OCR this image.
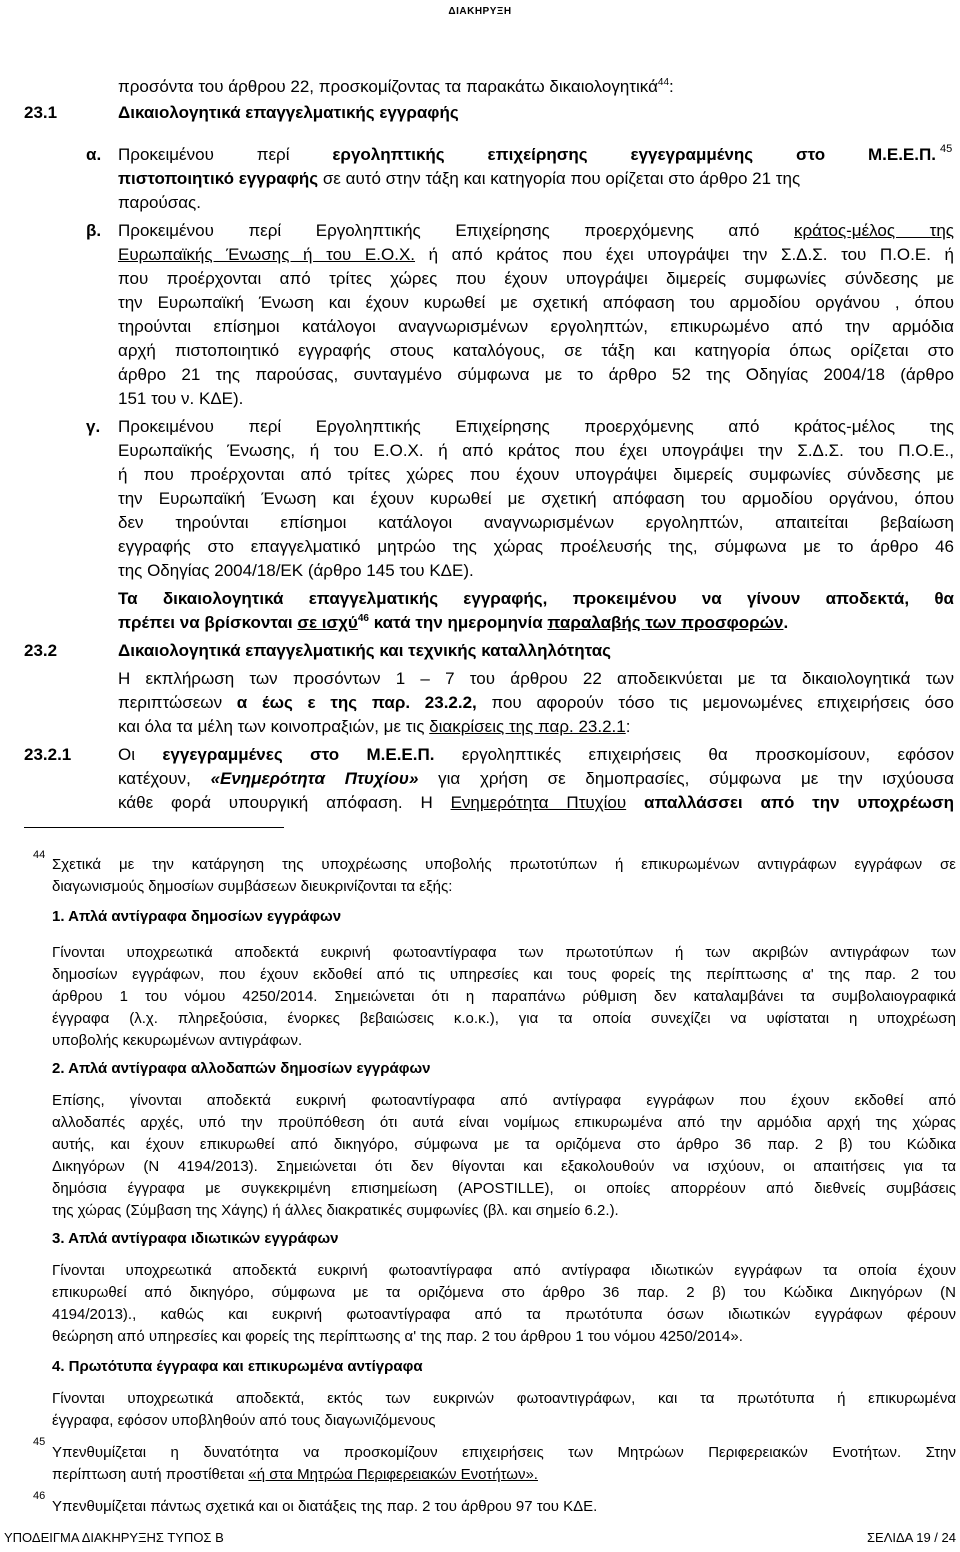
ΔΙΑΚΗΡΥΞΗ
προσόντα του άρθρου 22, προσκομίζοντας τα παρακάτω δικαιολογητικά$^{44}$:
23.1	Δικαιολογητικά επαγγελματικής εγγραφής
α. Προκειμένου περί εργοληπτικής επιχείρησης εγγεγραμμένης στο Μ.Ε.Ε.Π. 45
πιστοποιητικό εγγραφής σε αυτό στην τάξη και κατηγορία που ορίζεται στο άρθρο 21 της
παρούσας.
β. Προκειμένου περί Εργοληπτικής Επιχείρησης προερχόμενης από κράτος-μέλος της
Ευρωπαϊκής Ένωσης ή του Ε.Ο.Χ. ή από κράτος που έχει υπογράψει την Σ.Δ.Σ. του Π.Ο.Ε. ή
που προέρχονται από τρίτες χώρες που έχουν υπογράψει διμερείς συμφωνίες σύνδεσης με
την Ευρωπαϊκή Ένωση και έχουν κυρωθεί με σχετική απόφαση του αρμοδίου οργάνου , όπου
τηρούνται επίσημοι κατάλογοι αναγνωρισμένων εργοληπτών, επικυρωμένο από την αρμόδια
αρχή πιστοποιητικό εγγραφής στους καταλόγους, σε τάξη και κατηγορία όπως ορίζεται στο
άρθρο 21 της παρούσας, συνταγμένο σύμφωνα με το άρθρο 52 της Οδηγίας 2004/18 (άρθρο
151 του ν. ΚΔΕ).
γ. Προκειμένου περί Εργοληπτικής Επιχείρησης προερχόμενης από κράτος-μέλος της
Ευρωπαϊκής Ένωσης, ή του Ε.Ο.Χ. ή από κράτος που έχει υπογράψει την Σ.Δ.Σ. του Π.Ο.Ε.,
ή που προέρχονται από τρίτες χώρες που έχουν υπογράψει διμερείς συμφωνίες σύνδεσης με
την Ευρωπαϊκή Ένωση και έχουν κυρωθεί με σχετική απόφαση του αρμοδίου οργάνου, όπου
δεν τηρούνται επίσημοι κατάλογοι αναγνωρισμένων εργοληπτών, απαιτείται βεβαίωση
εγγραφής στο επαγγελματικό μητρώο της χώρας προέλευσής της, σύμφωνα με το άρθρο 46
της Οδηγίας 2004/18/ΕΚ (άρθρο 145 του ΚΔΕ).
Τα δικαιολογητικά επαγγελματικής εγγραφής, προκειμένου να γίνουν αποδεκτά, θα
πρέπει να βρίσκονται σε ισχύ$^{46}$ κατά την ημερομηνία παραλαβής των προσφορών.
23.2	Δικαιολογητικά επαγγελματικής και τεχνικής καταλληλότητας
Η εκπλήρωση των προσόντων 1 – 7 του άρθρου 22 αποδεικνύεται με τα δικαιολογητικά των
περιπτώσεων α έως ε της παρ. 23.2.2, που αφορούν τόσο τις μεμονωμένες επιχειρήσεις όσο
και όλα τα μέλη των κοινοπραξιών, με τις διακρίσεις της παρ. 23.2.1:
23.2.1	Οι εγγεγραμμένες στο Μ.Ε.Ε.Π. εργοληπτικές επιχειρήσεις θα προσκομίσουν, εφόσον
κατέχουν, «Ενημερότητα Πτυχίου» για χρήση σε δημοπρασίες, σύμφωνα με την ισχύουσα
κάθε φορά υπουργική απόφαση. Η Ενημερότητα Πτυχίου απαλλάσσει από την υποχρέωση
44
Σχετικά με την κατάργηση της υποχρέωσης υποβολής πρωτοτύπων ή επικυρωμένων αντιγράφων εγγράφων σε
διαγωνισμούς δημοσίων συμβάσεων διευκρινίζονται τα εξής:
1. Απλά αντίγραφα δημοσίων εγγράφων
Γίνονται υποχρεωτικά αποδεκτά ευκρινή φωτοαντίγραφα των πρωτοτύπων ή των ακριβών αντιγράφων των
δημοσίων εγγράφων, που έχουν εκδοθεί από τις υπηρεσίες και τους φορείς της περίπτωσης α' της παρ. 2 του
άρθρου 1 του νόμου 4250/2014. Σημειώνεται ότι η παραπάνω ρύθμιση δεν καταλαμβάνει τα συμβολαιογραφικά
έγγραφα (λ.χ. πληρεξούσια, ένορκες βεβαιώσεις κ.ο.κ.), για τα οποία συνεχίζει να υφίσταται η υποχρέωση
υποβολής κεκυρωμένων αντιγράφων.
2. Απλά αντίγραφα αλλοδαπών δημοσίων εγγράφων
Επίσης, γίνονται αποδεκτά ευκρινή φωτοαντίγραφα από αντίγραφα εγγράφων που έχουν εκδοθεί από
αλλοδαπές αρχές, υπό την προϋπόθεση ότι αυτά είναι νομίμως επικυρωμένα από την αρμόδια αρχή της χώρας
αυτής, και έχουν επικυρωθεί από δικηγόρο, σύμφωνα με τα οριζόμενα στο άρθρο 36 παρ. 2 β) του Κώδικα
Δικηγόρων (Ν 4194/2013). Σημειώνεται ότι δεν θίγονται και εξακολουθούν να ισχύουν, οι απαιτήσεις για τα
δημόσια έγγραφα με συγκεκριμένη επισημείωση (APOSTILLE), οι οποίες απορρέουν από διεθνείς συμβάσεις
της χώρας (Σύμβαση της Χάγης) ή άλλες διακρατικές συμφωνίες (βλ. και σημείο 6.2.).
3. Απλά αντίγραφα ιδιωτικών εγγράφων
Γίνονται υποχρεωτικά αποδεκτά ευκρινή φωτοαντίγραφα από αντίγραφα ιδιωτικών εγγράφων τα οποία έχουν
επικυρωθεί από δικηγόρο, σύμφωνα με τα οριζόμενα στο άρθρο 36 παρ. 2 β) του Κώδικα Δικηγόρων (Ν
4194/2013)., καθώς και ευκρινή φωτοαντίγραφα από τα πρωτότυπα όσων ιδιωτικών εγγράφων φέρουν
θεώρηση από υπηρεσίες και φορείς της περίπτωσης α' της παρ. 2 του άρθρου 1 του νόμου 4250/2014».
4. Πρωτότυπα έγγραφα και επικυρωμένα αντίγραφα
Γίνονται υποχρεωτικά αποδεκτά, εκτός των ευκρινών φωτοαντιγράφων, και τα πρωτότυπα ή επικυρωμένα
έγγραφα, εφόσον υποβληθούν από τους διαγωνιζόμενους
45
Υπενθυμίζεται η δυνατότητα να προσκομίζουν επιχειρήσεις των Μητρώων Περιφερειακών Ενοτήτων. Στην
περίπτωση αυτή προστίθεται «ή στα Μητρώα Περιφερειακών Ενοτήτων».
46
Υπενθυμίζεται πάντως σχετικά και οι διατάξεις της παρ. 2 του άρθρου 97 του ΚΔΕ.
ΥΠΟΔΕΙΓΜΑ ΔΙΑΚΗΡΥΞΗΣ ΤΥΠΟΣ Β	ΣΕΛΙΔΑ 19 / 24
